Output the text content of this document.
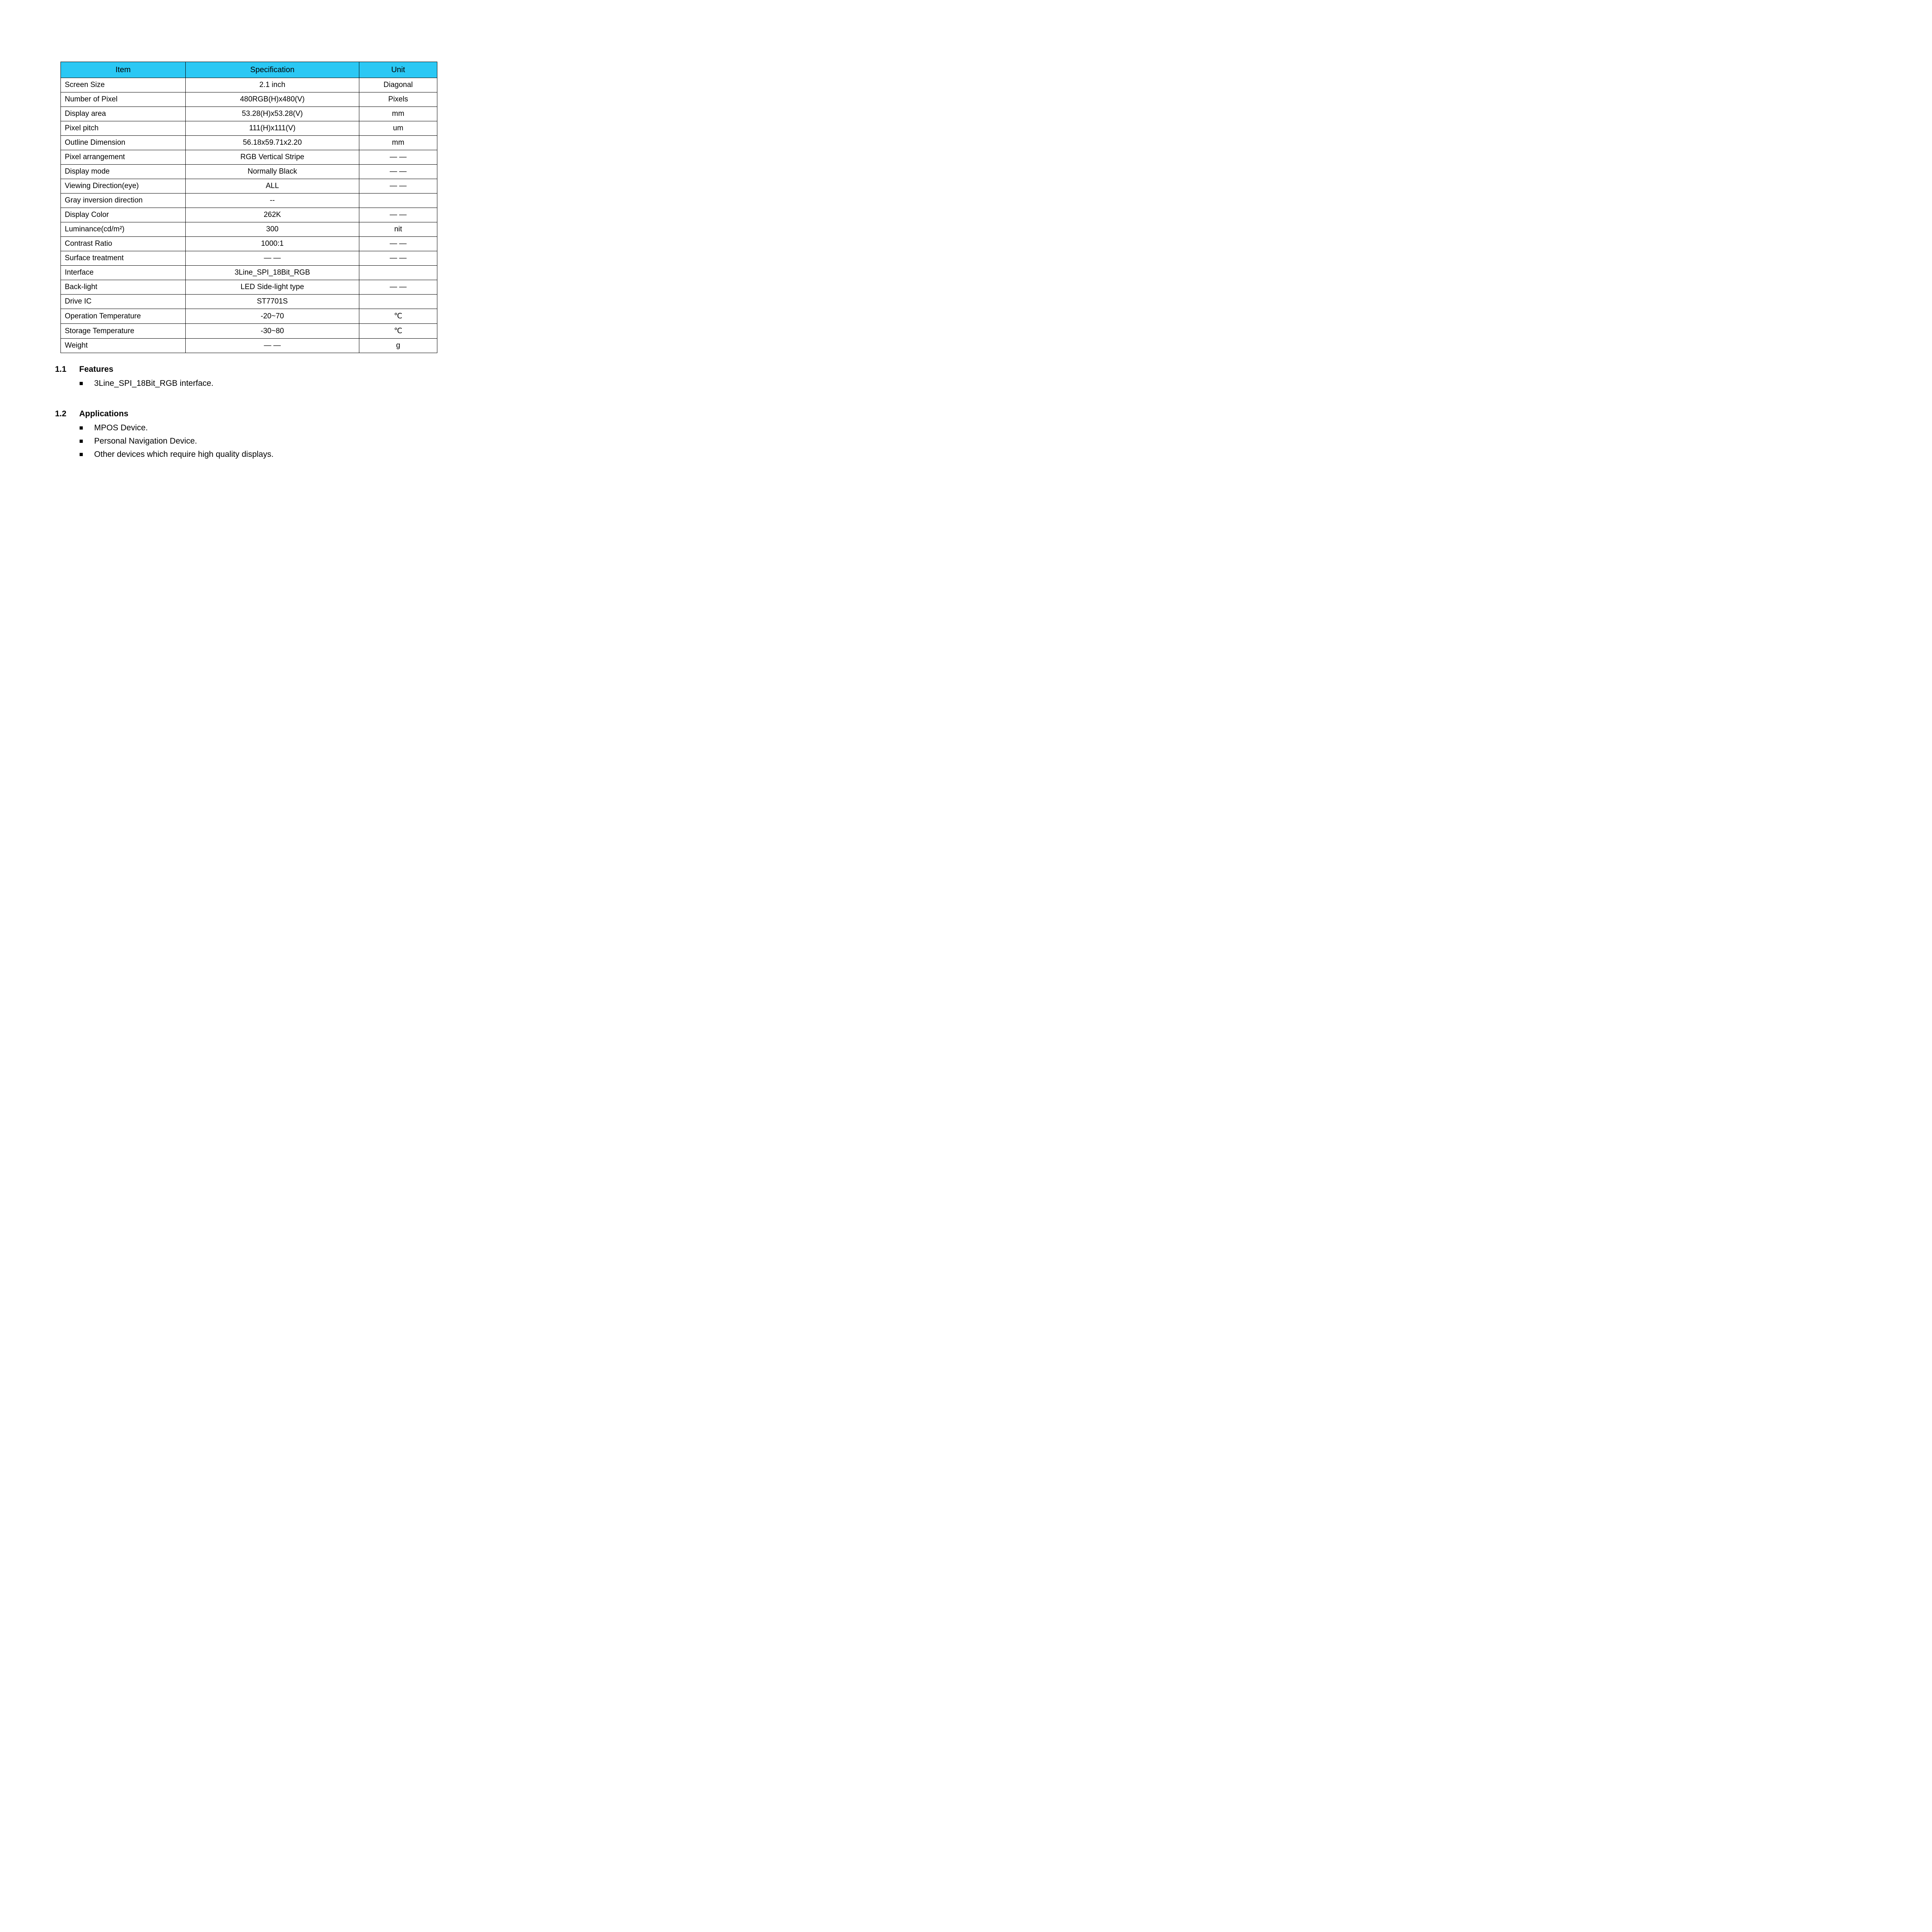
Item	Specification	Unit
Screen Size	2.1 inch	Diagonal
Number of Pixel	480RGB(H)x480(V)	Pixels
Display area	53.28(H)x53.28(V)	mm
Pixel pitch	111(H)x111(V)	um
Outline Dimension	56.18x59.71x2.20	mm
Pixel arrangement	RGB Vertical Stripe	— —
Display mode	Normally Black	— —
Viewing Direction(eye)	ALL	— —
Gray inversion direction	--	
Display Color	262K	— —
Luminance(cd/m²)	300	nit
Contrast Ratio	1000:1	— —
Surface treatment	— —	— —
Interface	3Line_SPI_18Bit_RGB	
Back-light	LED Side-light type	— —
Drive IC	ST7701S	
Operation Temperature	-20~70	℃
Storage Temperature	-30~80	℃
Weight	— —	g
1.1	Features
■ 3Line_SPI_18Bit_RGB interface.
1.2	Applications
■ MPOS Device.
■ Personal Navigation Device.
■ Other devices which require high quality displays.
